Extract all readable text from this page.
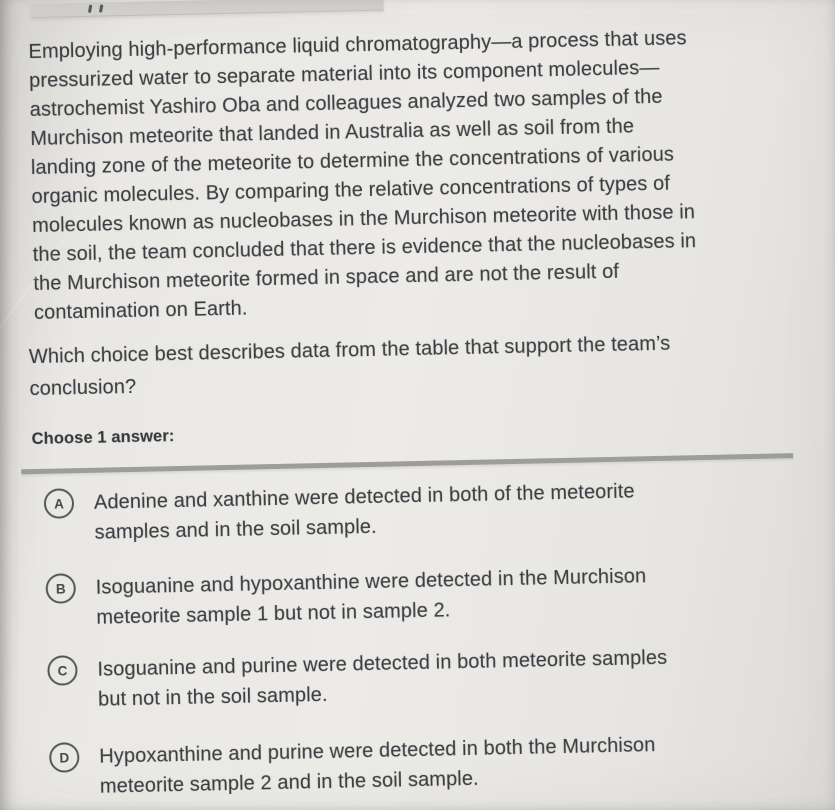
Employing high-performance liquid chromatography—a process that uses
pressurized water to separate material into its component molecules—
astrochemist Yashiro Oba and colleagues analyzed two samples of the
Murchison meteorite that landed in Australia as well as soil from the
landing zone of the meteorite to determine the concentrations of various
organic molecules. By comparing the relative concentrations of types of
molecules known as nucleobases in the Murchison meteorite with those in
the soil, the team concluded that there is evidence that the nucleobases in
the Murchison meteorite formed in space and are not the result of
contamination on Earth.
Which choice best describes data from the table that support the team’s
conclusion?
Choose 1 answer:
A	Adenine and xanthine were detected in both of the meteorite
samples and in the soil sample.
B	Isoguanine and hypoxanthine were detected in the Murchison
meteorite sample 1 but not in sample 2.
C	Isoguanine and purine were detected in both meteorite samples
but not in the soil sample.
D	Hypoxanthine and purine were detected in both the Murchison
meteorite sample 2 and in the soil sample.
